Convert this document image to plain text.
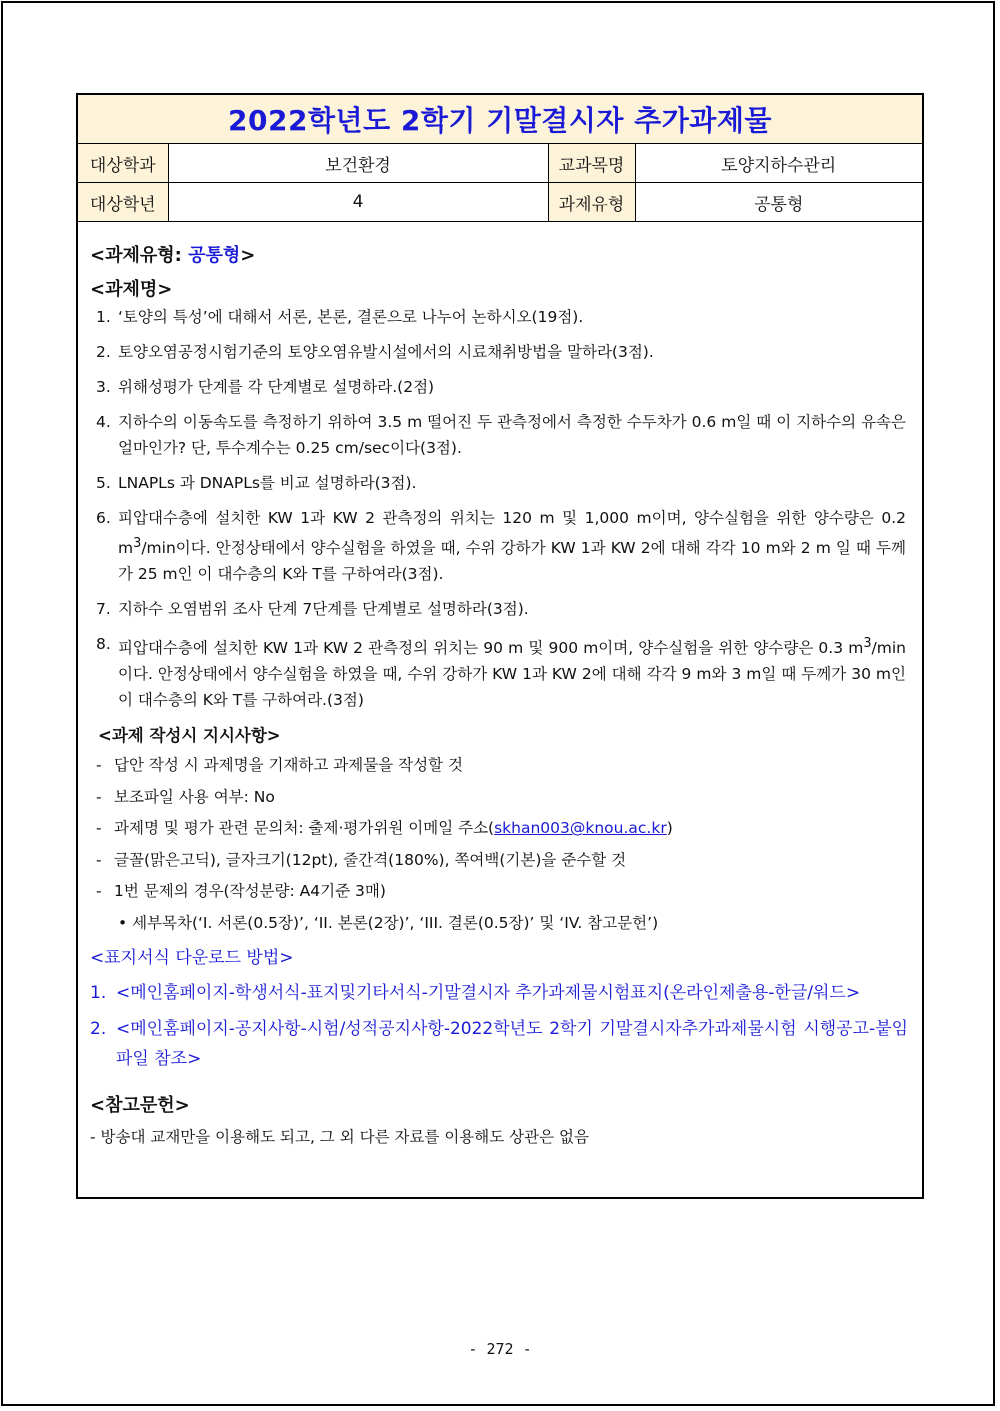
2022학년도 2학기 기말결시자 추가과제물
대상학과	보건환경	교과목명	토양지하수관리
대상학년	4	과제유형	공통형

<과제유형: 공통형>

<과제명>

1. ‘토양의 특성’에 대해서 서론, 본론, 결론으로 나누어 논하시오(19점).
2. 토양오염공정시험기준의 토양오염유발시설에서의 시료채취방법을 말하라(3점).
3. 위해성평가 단계를 각 단계별로 설명하라.(2점)
4. 지하수의 이동속도를 측정하기 위하여 3.5 m 떨어진 두 관측정에서 측정한 수두차가 0.6 m일 때 이 지하수의 유속은 얼마인가? 단, 투수계수는 0.25 cm/sec이다(3점).
5. LNAPLs 과 DNAPLs를 비교 설명하라(3점).
6. 피압대수층에 설치한 KW 1과 KW 2 관측정의 위치는 120 m 및 1,000 m이며, 양수실험을 위한 양수량은 0.2 $m^3/\min$이다. 안정상태에서 양수실험을 하였을 때, 수위 강하가 KW 1과 KW 2에 대해 각각 10 m와 2 m 일 때 두께가 25 m인 이 대수층의 K와 T를 구하여라(3점).
7. 지하수 오염범위 조사 단계 7단계를 단계별로 설명하라(3점).
8. 피압대수층에 설치한 KW 1과 KW 2 관측정의 위치는 90 m 및 900 m이며, 양수실험을 위한 양수량은 0.3 $m^3/\min$이다. 안정상태에서 양수실험을 하였을 때, 수위 강하가 KW 1과 KW 2에 대해 각각 9 m와 3 m일 때 두께가 30 m인 이 대수층의 K와 T를 구하여라.(3점)

<과제 작성시 지시사항>

- 답안 작성 시 과제명을 기재하고 과제물을 작성할 것
- 보조파일 사용 여부: No
- 과제명 및 평가 관련 문의처: 출제·평가위원 이메일 주소(skhan003@knou.ac.kr)
- 글꼴(맑은고딕), 글자크기(12pt), 줄간격(180%), 쪽여백(기본)을 준수할 것
- 1번 문제의 경우(작성분량: A4기준 3매)
• 세부목차(‘I. 서론(0.5장)’, ‘II. 본론(2장)’, ‘III. 결론(0.5장)’ 및 ‘IV. 참고문헌’)

<표지서식 다운로드 방법>

1. <메인홈페이지-학생서식-표지및기타서식-기말결시자 추가과제물시험표지(온라인제출용-한글/워드>
2. <메인홈페이지-공지사항-시험/성적공지사항-2022학년도 2학기 기말결시자추가과제물시험 시행공고-붙임파일 참조>

<참고문헌>

- 방송대 교재만을 이용해도 되고, 그 외 다른 자료를 이용해도 상관은 없음
- 272 -
